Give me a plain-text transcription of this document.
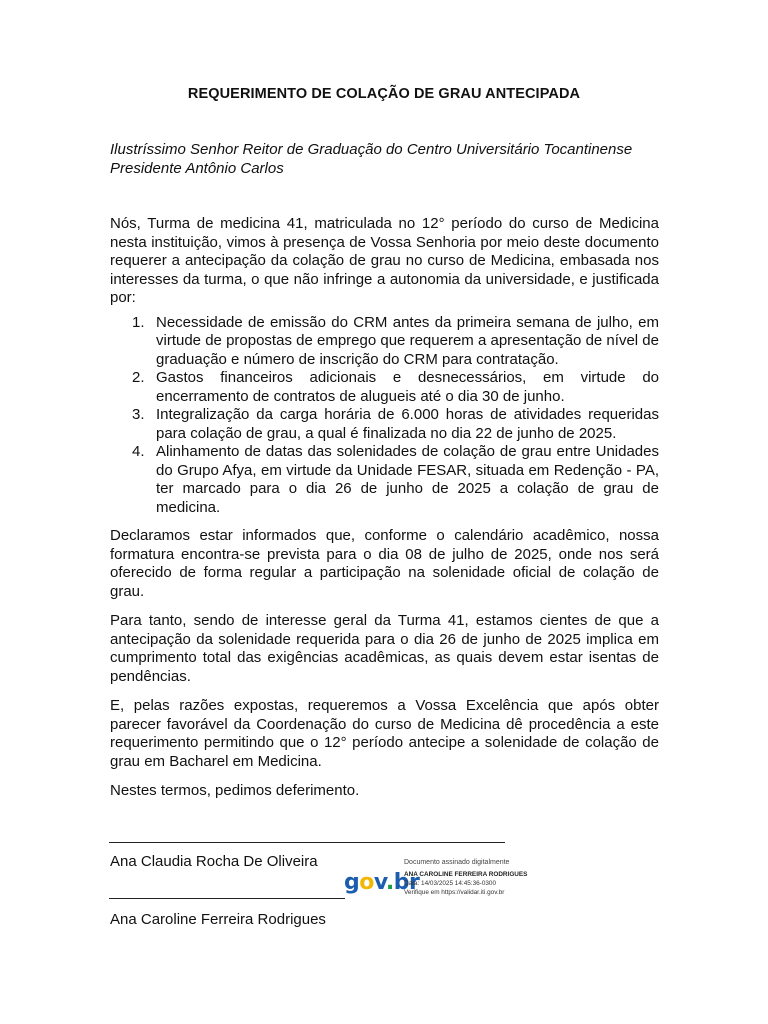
REQUERIMENTO DE COLAÇÃO DE GRAU ANTECIPADA
Ilustríssimo Senhor Reitor de Graduação do Centro Universitário Tocantinense
Presidente Antônio Carlos

Nós, Turma de medicina 41, matriculada no 12° período do curso de Medicina nesta instituição, vimos à presença de Vossa Senhoria por meio deste documento requerer a antecipação da colação de grau no curso de Medicina, embasada nos interesses da turma, o que não infringe a autonomia da universidade, e justificada por:

1. Necessidade de emissão do CRM antes da primeira semana de julho, em virtude de propostas de emprego que requerem a apresentação de nível de graduação e número de inscrição do CRM para contratação.
2. Gastos financeiros adicionais e desnecessários, em virtude do encerramento de contratos de alugueis até o dia 30 de junho.
3. Integralização da carga horária de 6.000 horas de atividades requeridas para colação de grau, a qual é finalizada no dia 22 de junho de 2025.
4. Alinhamento de datas das solenidades de colação de grau entre Unidades do Grupo Afya, em virtude da Unidade FESAR, situada em Redenção - PA, ter marcado para o dia 26 de junho de 2025 a colação de grau de medicina.

Declaramos estar informados que, conforme o calendário acadêmico, nossa formatura encontra-se prevista para o dia 08 de julho de 2025, onde nos será oferecido de forma regular a participação na solenidade oficial de colação de grau.

Para tanto, sendo de interesse geral da Turma 41, estamos cientes de que a antecipação da solenidade requerida para o dia 26 de junho de 2025 implica em cumprimento total das exigências acadêmicas, as quais devem estar isentas de pendências.

E, pelas razões expostas, requeremos a Vossa Excelência que após obter parecer favorável da Coordenação do curso de Medicina dê procedência a este requerimento permitindo que o 12° período antecipe a solenidade de colação de grau em Bacharel em Medicina.

Nestes termos, pedimos deferimento.

Ana Claudia Rocha De Oliveira
gov.br
Documento assinado digitalmente
ANA CAROLINE FERREIRA RODRIGUES
Data: 14/03/2025 14:45:36-0300
Verifique em https://validar.iti.gov.br
Ana Caroline Ferreira Rodrigues
